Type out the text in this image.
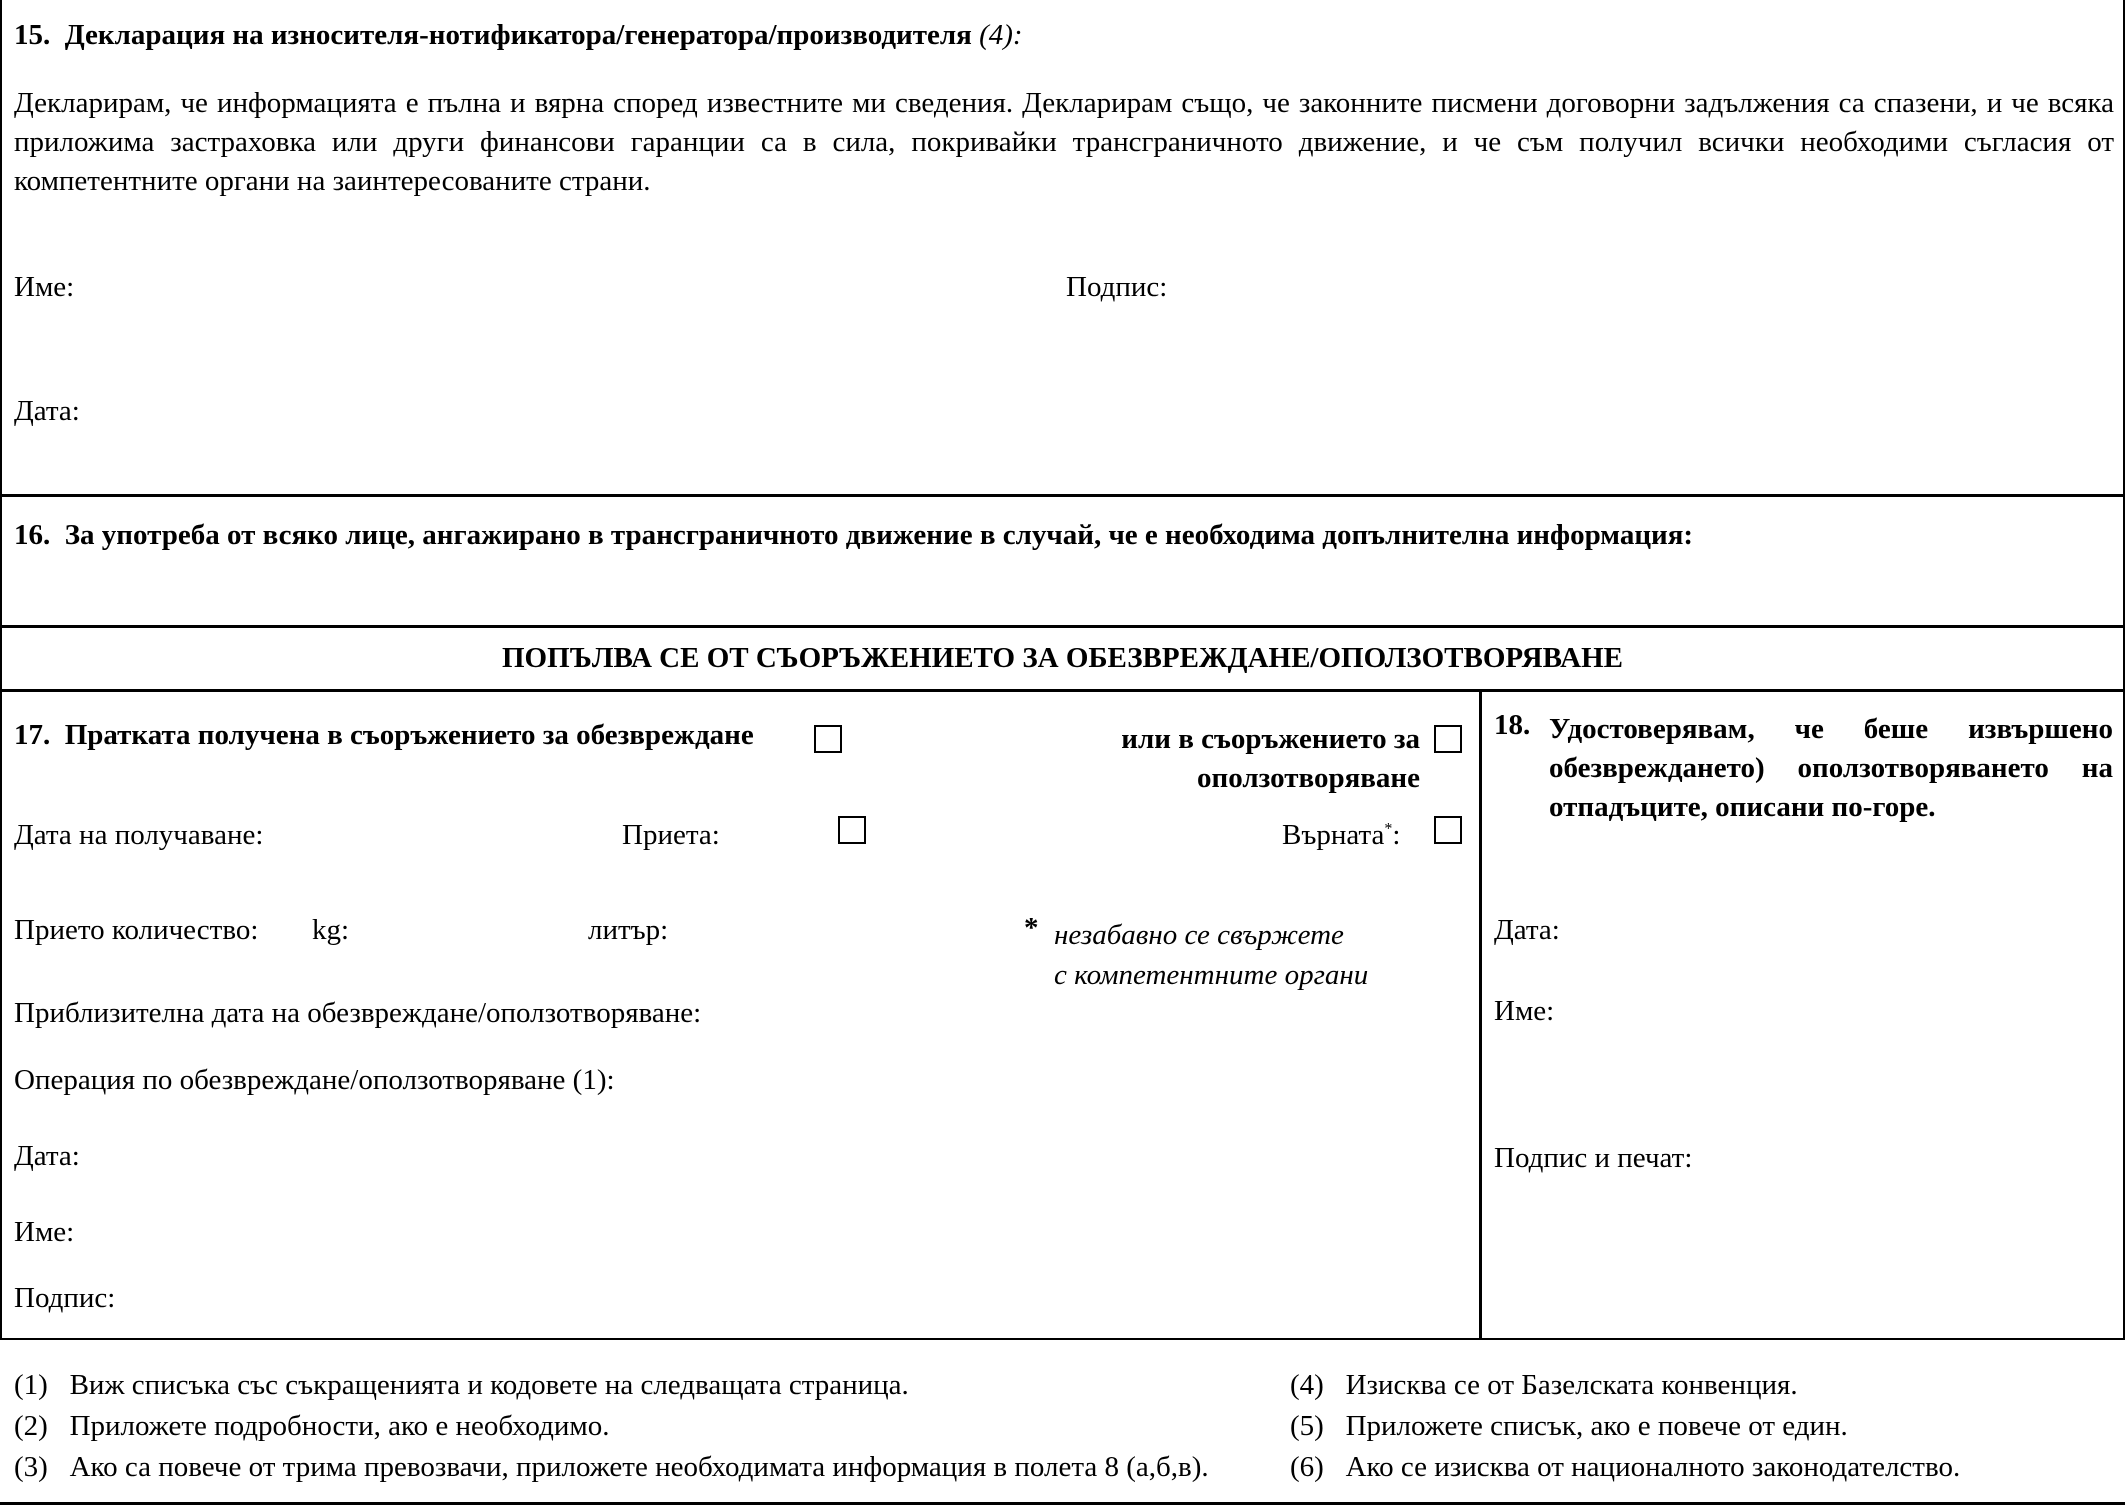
15. Декларация на износителя-нотификатора/генератора/производителя (4):
Декларирам, че информацията е пълна и вярна според известните ми сведения. Декларирам също, че законните писмени договорни задължения са спазени, и че всяка приложима застраховка или други финансови гаранции са в сила, покривайки трансграничното движение, и че съм получил всички необходими съгласия от компетентните органи на заинтересованите страни.
Име:	Подпис:
Дата:
16. За употреба от всяко лице, ангажирано в трансграничното движение в случай, че е необходима допълнителна информация:
ПОПЪЛВА СЕ ОТ СЪОРЪЖЕНИЕТО ЗА ОБЕЗВРЕЖДАНЕ/ОПОЛЗОТВОРЯВАНЕ
17. Пратката получена в съоръжението за обезвреждане	или в съоръжението за
оползотворяване
Дата на получаване:	Приета:	Върната*:
Прието количество: kg:	литър:	* незабавно се свържете
с компетентните органи
Приблизителна дата на обезвреждане/оползотворяване:
Операция по обезвреждане/оползотворяване (1):
Дата:
Име:
Подпис:
18. Удостоверявам, че беше извършено обезвреждането) оползотворяването на отпадъците, описани по-горе.
Дата:
Име:
Подпис и печат:
(1) Виж списъка със съкращенията и кодовете на следващата страница.
(2) Приложете подробности, ако е необходимо.
(3) Ако са повече от трима превозвачи, приложете необходимата информация в полета 8 (а,б,в).
(4) Изисква се от Базелската конвенция.
(5) Приложете списък, ако е повече от един.
(6) Ако се изисква от националното законодателство.
